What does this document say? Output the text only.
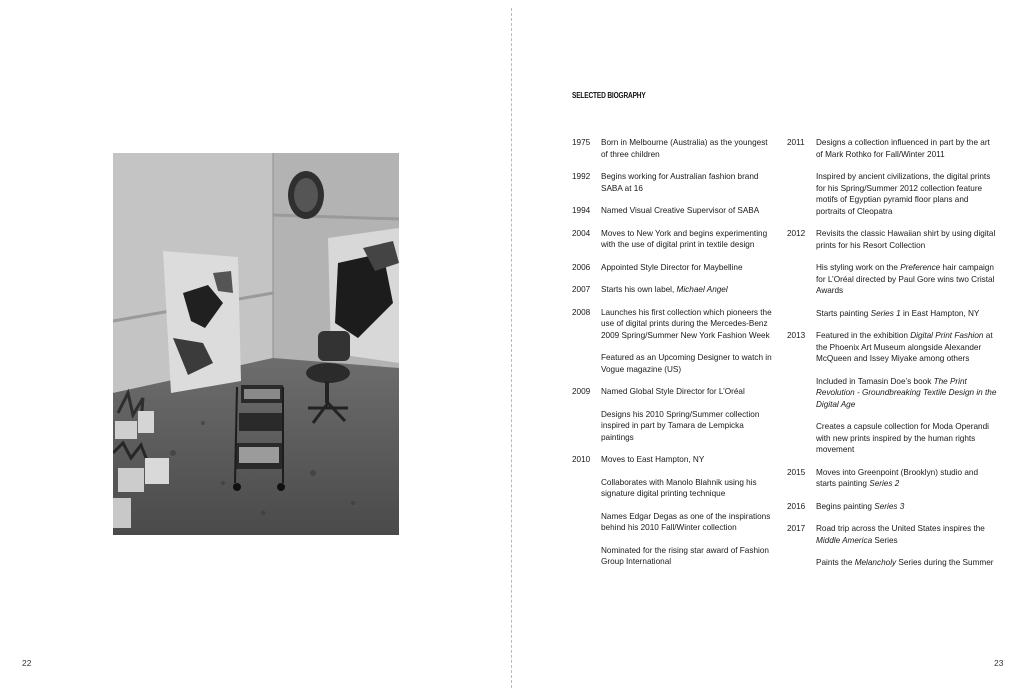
22
SELECTED BIOGRAPHY
1975	Born in Melbourne (Australia) as the youngest of three children
1992	Begins working for Australian fashion brand SABA at 16
1994	Named Visual Creative Supervisor of SABA
2004	Moves to New York and begins experimenting with the use of digital print in textile design
2006	Appointed Style Director for Maybelline
2007	Starts his own label, Michael Angel
2008	Launches his first collection which pioneers the use of digital prints during the Mercedes-Benz 2009 Spring/Summer New York Fashion Week
Featured as an Upcoming Designer to watch in Vogue magazine (US)
2009	Named Global Style Director for L’Oréal
Designs his 2010 Spring/Summer collection inspired in part by Tamara de Lempicka paintings
2010	Moves to East Hampton, NY
Collaborates with Manolo Blahnik using his signature digital printing technique
Names Edgar Degas as one of the inspirations behind his 2010 Fall/Winter collection
Nominated for the rising star award of Fashion Group International
2011	Designs a collection influenced in part by the art of Mark Rothko for Fall/Winter 2011
Inspired by ancient civilizations, the digital prints for his Spring/Summer 2012 collection feature motifs of Egyptian pyramid floor plans and portraits of Cleopatra
2012	Revisits the classic Hawaiian shirt by using digital prints for his Resort Collection
His styling work on the Preference hair campaign for L’Oréal directed by Paul Gore wins two Cristal Awards
Starts painting Series 1 in East Hampton, NY
2013	Featured in the exhibition Digital Print Fashion at the Phoenix Art Museum alongside Alexander McQueen and Issey Miyake among others
Included in Tamasin Doe’s book The Print Revolution - Groundbreaking Textile Design in the Digital Age
Creates a capsule collection for Moda Operandi with new prints inspired by the human rights movement
2015	Moves into Greenpoint (Brooklyn) studio and starts painting Series 2
2016	Begins painting Series 3
2017	Road trip across the United States inspires the Middle America Series
Paints the Melancholy Series during the Summer
23
